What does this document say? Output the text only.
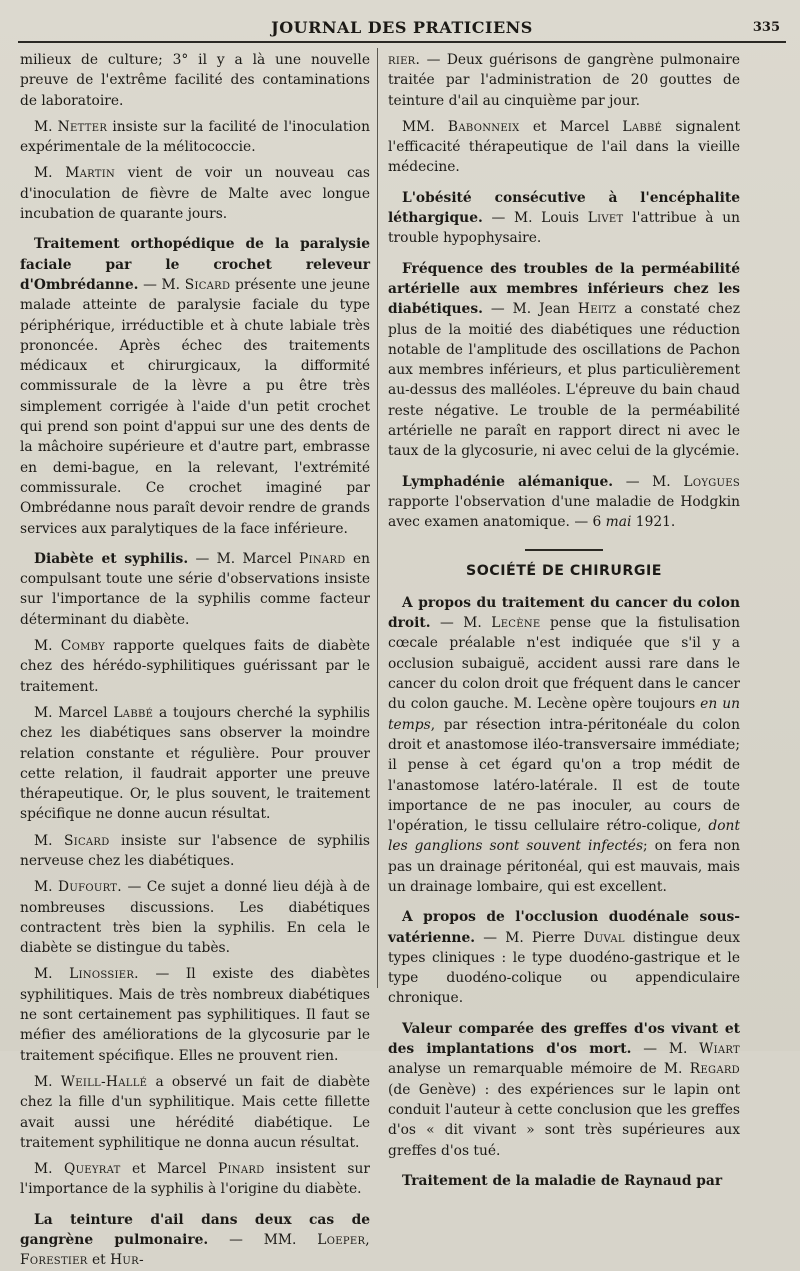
JOURNAL DES PRATICIENS	335

milieux de culture; 3° il y a là une nouvelle preuve de l'extrême facilité des contaminations de laboratoire.

M. Netter insiste sur la facilité de l'inoculation expérimentale de la mélitococcie.

M. Martin vient de voir un nouveau cas d'inoculation de fièvre de Malte avec longue incubation de quarante jours.

Traitement orthopédique de la paralysie faciale par le crochet releveur d'Ombrédanne. — M. Sicard présente une jeune malade atteinte de paralysie faciale du type périphérique, irréductible et à chute labiale très prononcée. Après échec des traitements médicaux et chirurgicaux, la difformité commissurale de la lèvre a pu être très simplement corrigée à l'aide d'un petit crochet qui prend son point d'appui sur une des dents de la mâchoire supérieure et d'autre part, embrasse en demi-bague, en la relevant, l'extrémité commissurale. Ce crochet imaginé par Ombrédanne nous paraît devoir rendre de grands services aux paralytiques de la face inférieure.

Diabète et syphilis. — M. Marcel Pinard en compulsant toute une série d'observations insiste sur l'importance de la syphilis comme facteur déterminant du diabète.

M. Comby rapporte quelques faits de diabète chez des hérédo-syphilitiques guérissant par le traitement.

M. Marcel Labbé a toujours cherché la syphilis chez les diabétiques sans observer la moindre relation constante et régulière. Pour prouver cette relation, il faudrait apporter une preuve thérapeutique. Or, le plus souvent, le traitement spécifique ne donne aucun résultat.

M. Sicard insiste sur l'absence de syphilis nerveuse chez les diabétiques.

M. Dufourt. — Ce sujet a donné lieu déjà à de nombreuses discussions. Les diabétiques contractent très bien la syphilis. En cela le diabète se distingue du tabès.

M. Linossier. — Il existe des diabètes syphilitiques. Mais de très nombreux diabétiques ne sont certainement pas syphilitiques. Il faut se méfier des améliorations de la glycosurie par le traitement spécifique. Elles ne prouvent rien.

M. Weill-Hallé a observé un fait de diabète chez la fille d'un syphilitique. Mais cette fillette avait aussi une hérédité diabétique. Le traitement syphilitique ne donna aucun résultat.

M. Queyrat et Marcel Pinard insistent sur l'importance de la syphilis à l'origine du diabète.

La teinture d'ail dans deux cas de gangrène pulmonaire. — MM. Loeper, Forestier et Hur-

rier. — Deux guérisons de gangrène pulmonaire traitée par l'administration de 20 gouttes de teinture d'ail au cinquième par jour.

MM. Babonneix et Marcel Labbé signalent l'efficacité thérapeutique de l'ail dans la vieille médecine.

L'obésité consécutive à l'encéphalite léthargique. — M. Louis Livet l'attribue à un trouble hypophysaire.

Fréquence des troubles de la perméabilité artérielle aux membres inférieurs chez les diabétiques. — M. Jean Heitz a constaté chez plus de la moitié des diabétiques une réduction notable de l'amplitude des oscillations de Pachon aux membres inférieurs, et plus particulièrement au-dessus des malléoles. L'épreuve du bain chaud reste négative. Le trouble de la perméabilité artérielle ne paraît en rapport direct ni avec le taux de la glycosurie, ni avec celui de la glycémie.

Lymphadénie alémanique. — M. Loygues rapporte l'observation d'une maladie de Hodgkin avec examen anatomique. — 6 mai 1921.

SOCIÉTÉ DE CHIRURGIE

A propos du traitement du cancer du colon droit. — M. Lecène pense que la fistulisation cœcale préalable n'est indiquée que s'il y a occlusion subaiguë, accident aussi rare dans le cancer du colon droit que fréquent dans le cancer du colon gauche. M. Lecène opère toujours en un temps, par résection intra-péritonéale du colon droit et anastomose iléo-transversaire immédiate; il pense à cet égard qu'on a trop médit de l'anastomose latéro-latérale. Il est de toute importance de ne pas inoculer, au cours de l'opération, le tissu cellulaire rétro-colique, dont les ganglions sont souvent infectés; on fera non pas un drainage péritonéal, qui est mauvais, mais un drainage lombaire, qui est excellent.

A propos de l'occlusion duodénale sous-vatérienne. — M. Pierre Duval distingue deux types cliniques : le type duodéno-gastrique et le type duodéno-colique ou appendiculaire chronique.

Valeur comparée des greffes d'os vivant et des implantations d'os mort. — M. Wiart analyse un remarquable mémoire de M. Regard (de Genève) : des expériences sur le lapin ont conduit l'auteur à cette conclusion que les greffes d'os « dit vivant » sont très supérieures aux greffes d'os tué.

Traitement de la maladie de Raynaud par
